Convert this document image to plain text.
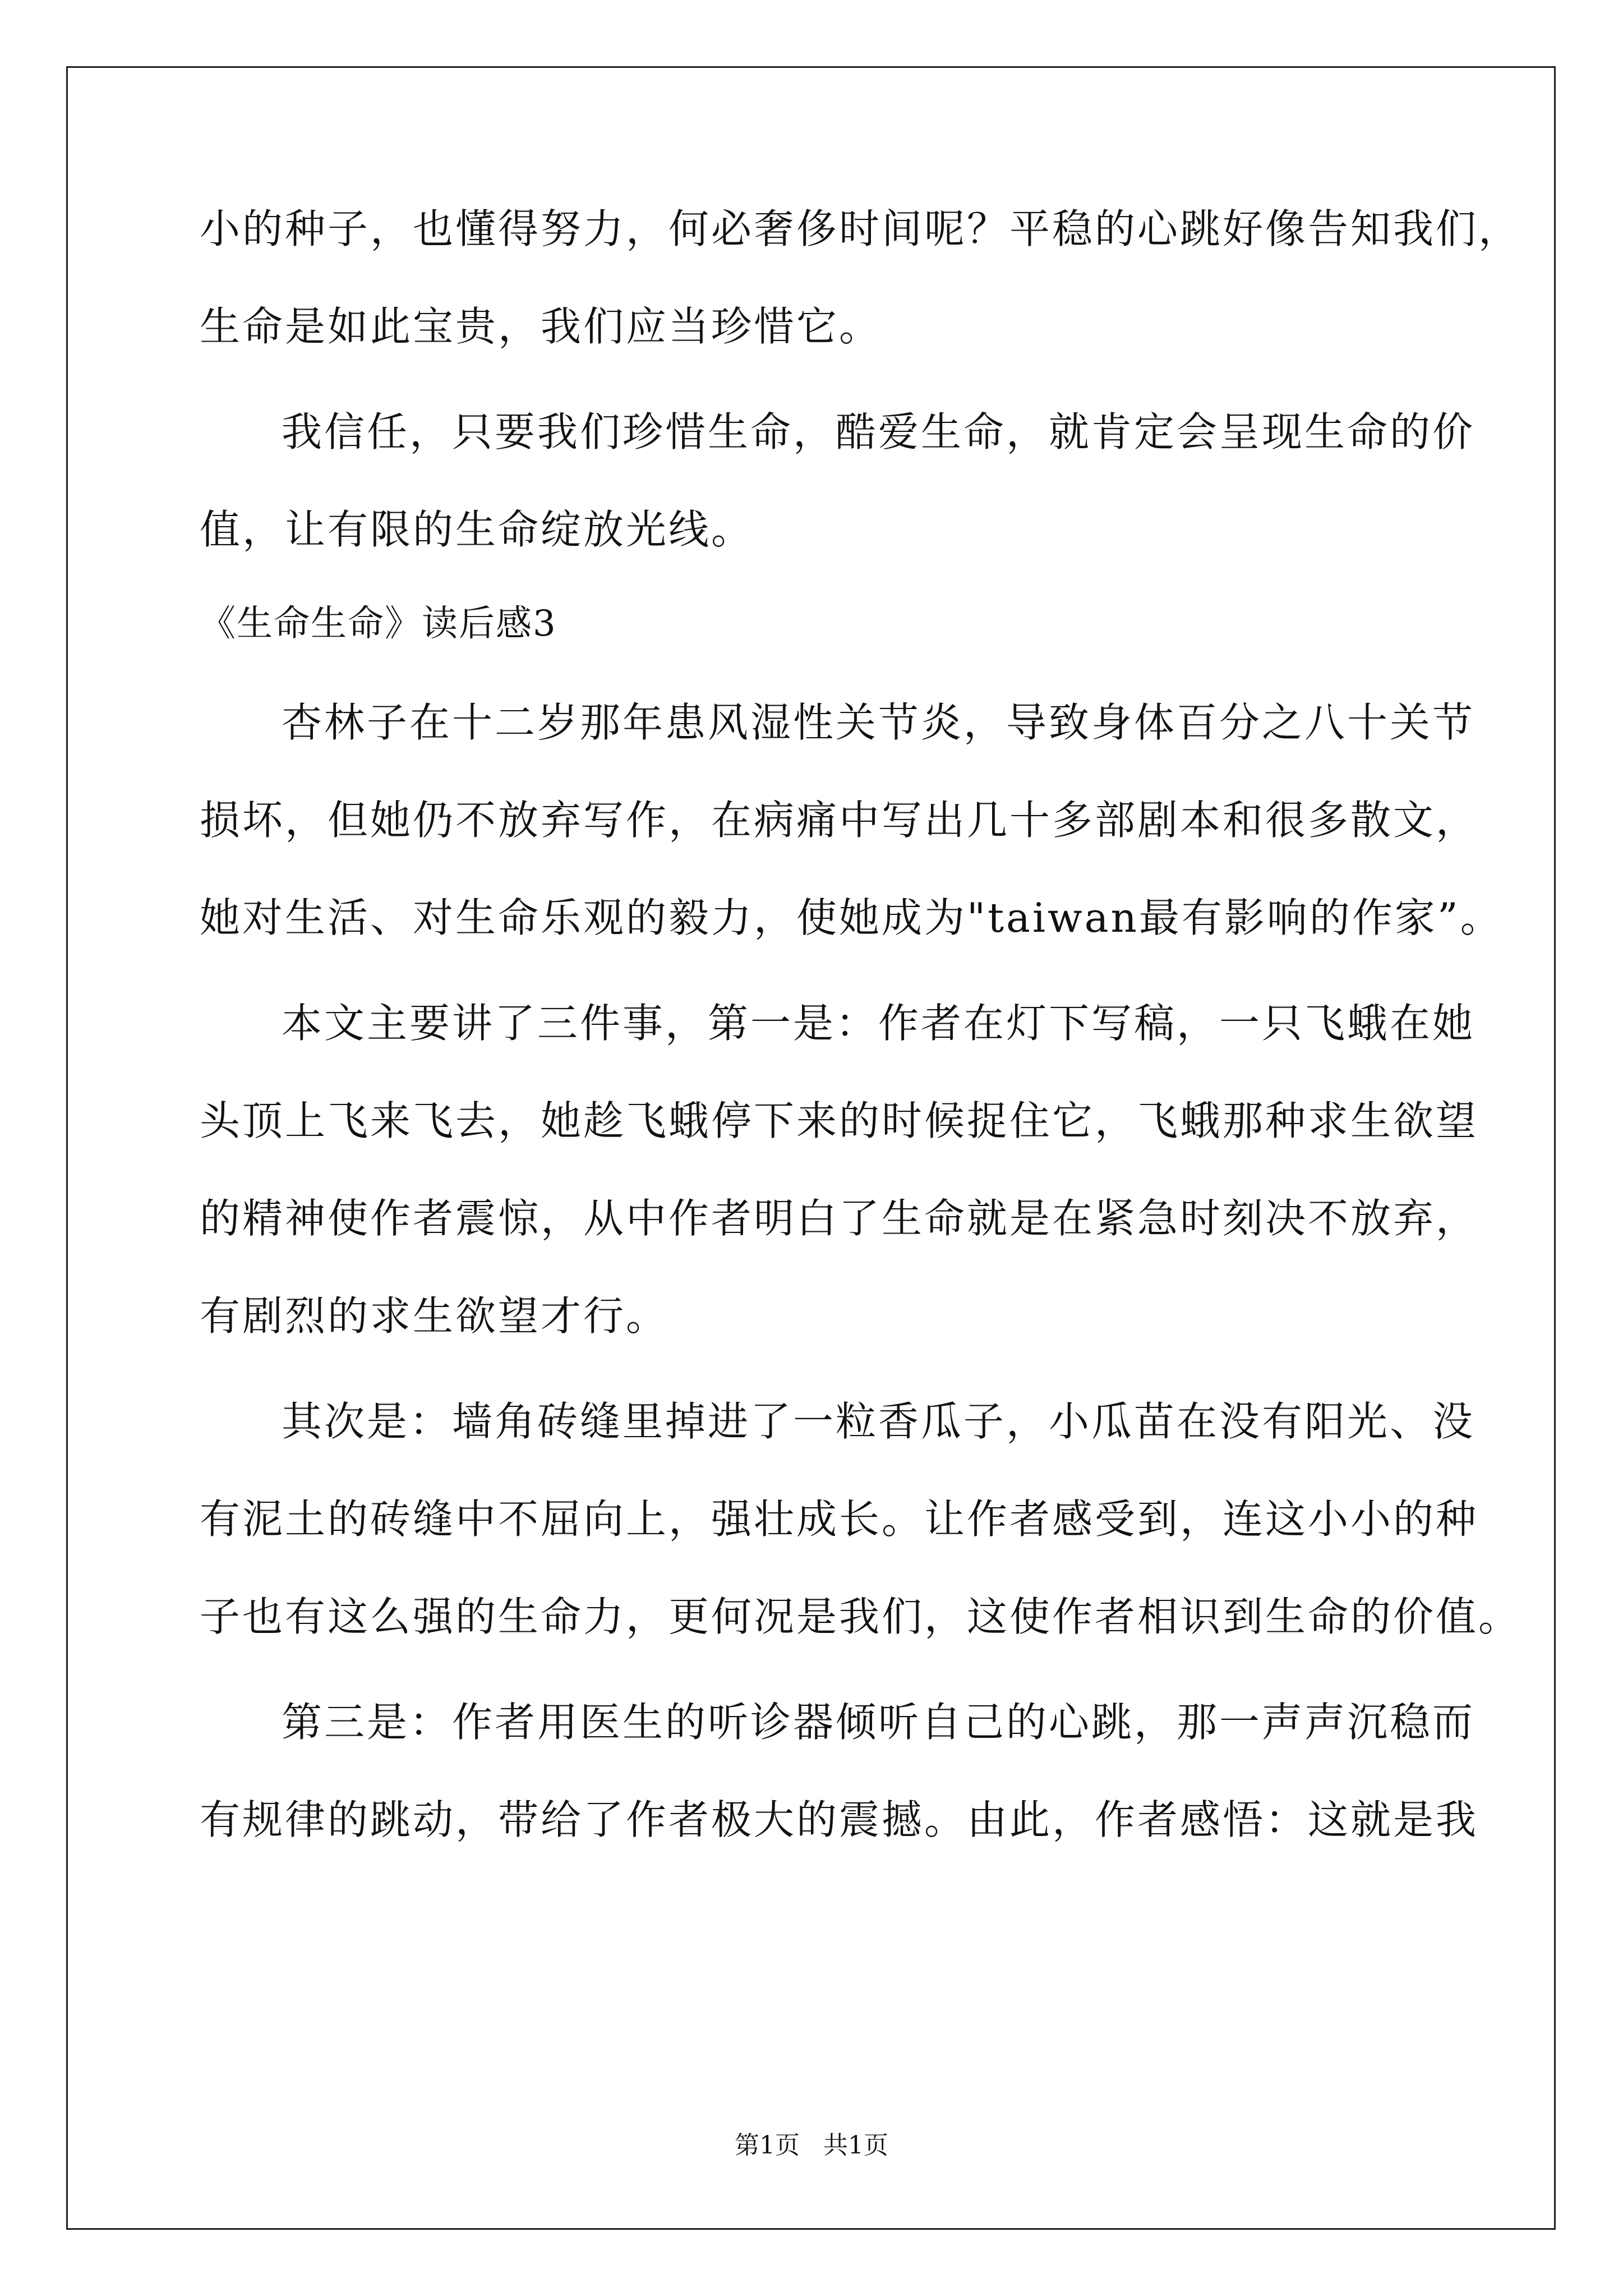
小的种子，也懂得努力，何必奢侈时间呢？平稳的心跳好像告知我们，
生命是如此宝贵，我们应当珍惜它。
我信任，只要我们珍惜生命，酷爱生命，就肯定会呈现生命的价
值，让有限的生命绽放光线。
《生命生命》读后感3
杏林子在十二岁那年患风湿性关节炎，导致身体百分之八十关节
损坏，但她仍不放弃写作，在病痛中写出几十多部剧本和很多散文，
她对生活、对生命乐观的毅力，使她成为"taiwan最有影响的作家”。
本文主要讲了三件事，第一是：作者在灯下写稿，一只飞蛾在她
头顶上飞来飞去，她趁飞蛾停下来的时候捉住它，飞蛾那种求生欲望
的精神使作者震惊，从中作者明白了生命就是在紧急时刻决不放弃，
有剧烈的求生欲望才行。
其次是：墙角砖缝里掉进了一粒香瓜子，小瓜苗在没有阳光、没
有泥土的砖缝中不屈向上，强壮成长。让作者感受到，连这小小的种
子也有这么强的生命力，更何况是我们，这使作者相识到生命的价值。
第三是：作者用医生的听诊器倾听自己的心跳，那一声声沉稳而
有规律的跳动，带给了作者极大的震撼。由此，作者感悟：这就是我
第1页   共1页
